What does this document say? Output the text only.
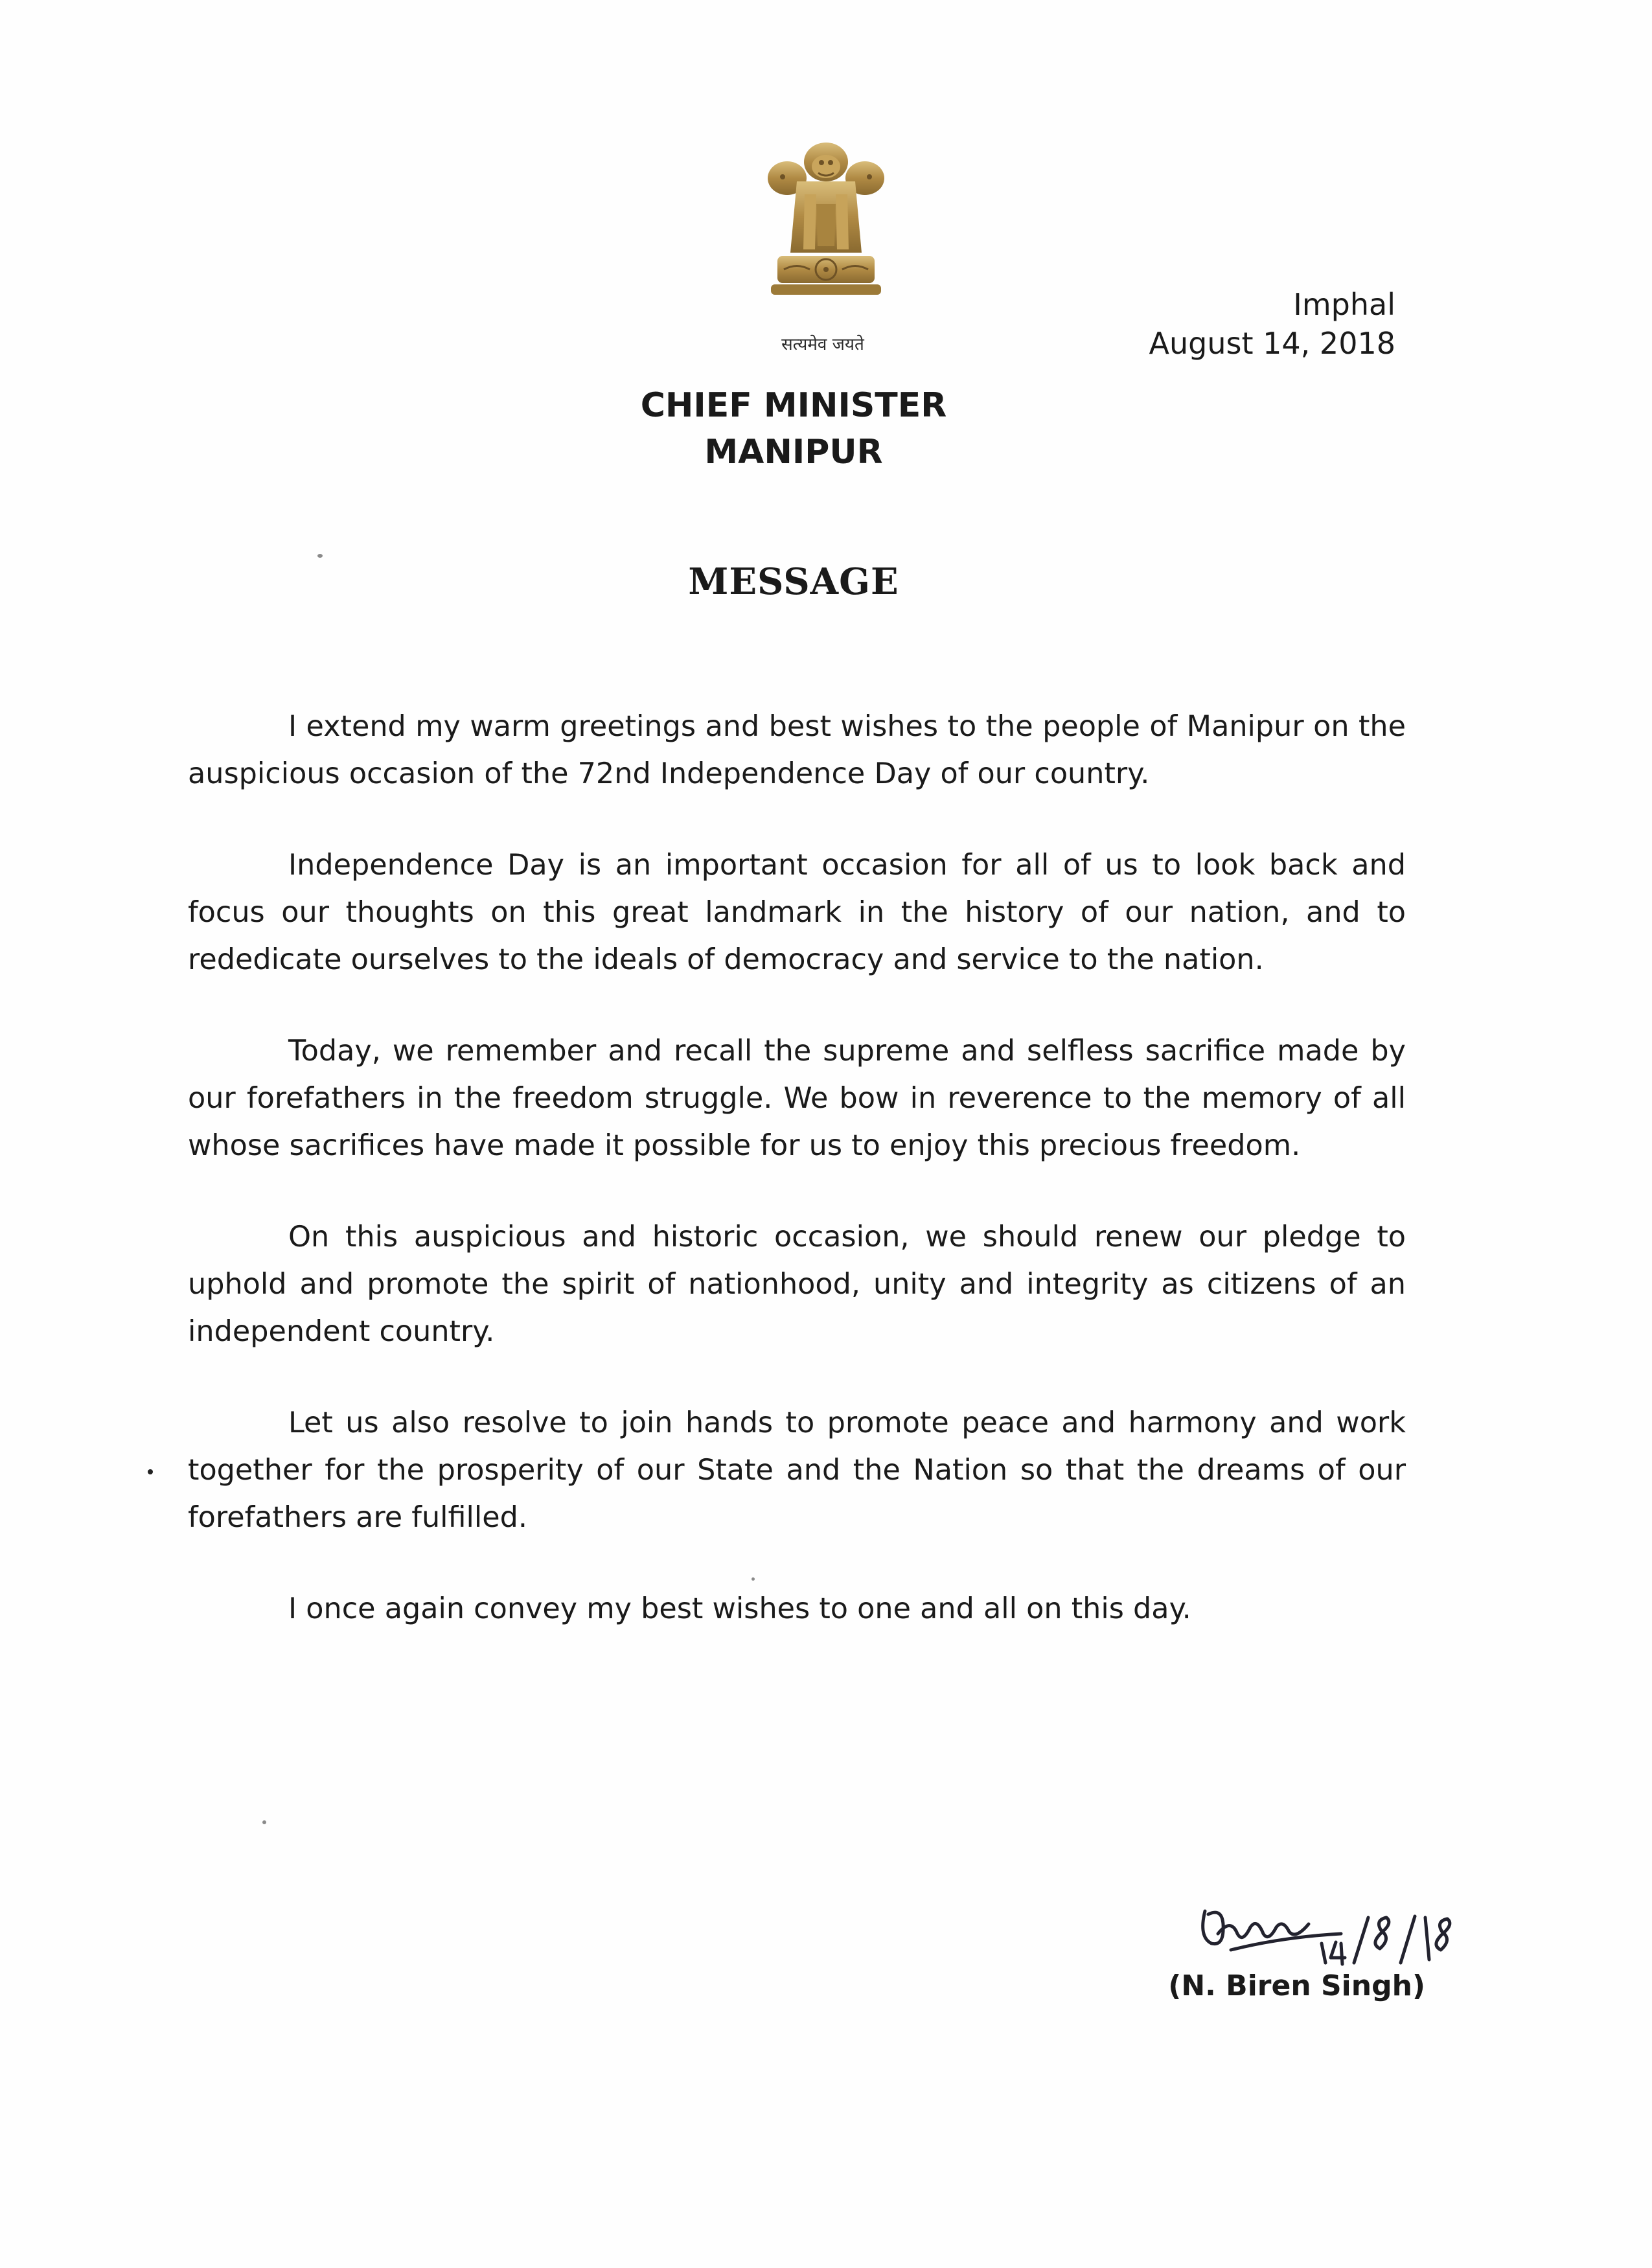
सत्यमेव जयते
Imphal
August 14, 2018
CHIEF MINISTER
MANIPUR
MESSAGE

I extend my warm greetings and best wishes to the people of Manipur on the auspicious occasion of the 72nd Independence Day of our country.

Independence Day is an important occasion for all of us to look back and focus our thoughts on this great landmark in the history of our nation, and to rededicate ourselves to the ideals of democracy and service to the nation.

Today, we remember and recall the supreme and selfless sacrifice made by our forefathers in the freedom struggle. We bow in reverence to the memory of all whose sacrifices have made it possible for us to enjoy this precious freedom.

On this auspicious and historic occasion, we should renew our pledge to uphold and promote the spirit of nationhood, unity and integrity as citizens of an independent country.

Let us also resolve to join hands to promote peace and harmony and work together for the prosperity of our State and the Nation so that the dreams of our forefathers are fulfilled.

I once again convey my best wishes to one and all on this day.

(N. Biren Singh)
